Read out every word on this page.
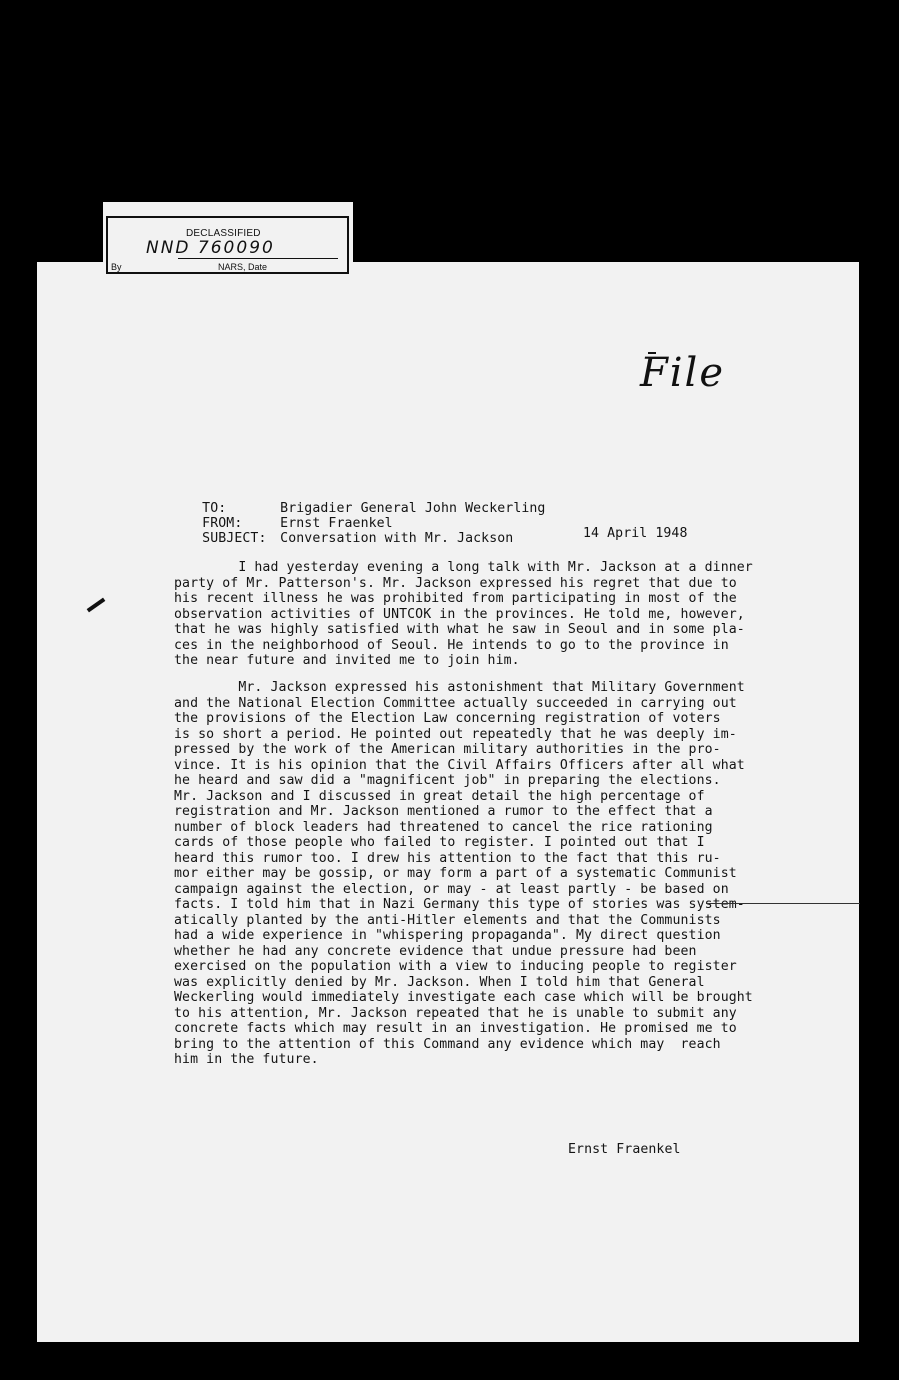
DECLASSIFIED
NND 760090
By	NARS, Date
File

TO:	Brigadier General John Weckerling

FROM:	Ernst Fraenkel

SUBJECT: Conversation with Mr. Jackson
	14 April 1948
I had yesterday evening a long talk with Mr. Jackson at a dinner
party of Mr. Patterson's. Mr. Jackson expressed his regret that due to
his recent illness he was prohibited from participating in most of the
observation activities of UNTCOK in the provinces. He told me, however,
that he was highly satisfied with what he saw in Seoul and in some pla-
ces in the neighborhood of Seoul. He intends to go to the province in
the near future and invited me to join him.
Mr. Jackson expressed his astonishment that Military Government
and the National Election Committee actually succeeded in carrying out
the provisions of the Election Law concerning registration of voters
is so short a period. He pointed out repeatedly that he was deeply im-
pressed by the work of the American military authorities in the pro-
vince. It is his opinion that the Civil Affairs Officers after all what
he heard and saw did a "magnificent job" in preparing the elections.
Mr. Jackson and I discussed in great detail the high percentage of
registration and Mr. Jackson mentioned a rumor to the effect that a
number of block leaders had threatened to cancel the rice rationing
cards of those people who failed to register. I pointed out that I
heard this rumor too. I drew his attention to the fact that this ru-
mor either may be gossip, or may form a part of a systematic Communist
campaign against the election, or may - at least partly - be based on
facts. I told him that in Nazi Germany this type of stories was system-
atically planted by the anti-Hitler elements and that the Communists
had a wide experience in "whispering propaganda". My direct question
whether he had any concrete evidence that undue pressure had been
exercised on the population with a view to inducing people to register
was explicitly denied by Mr. Jackson. When I told him that General
Weckerling would immediately investigate each case which will be brought
to his attention, Mr. Jackson repeated that he is unable to submit any
concrete facts which may result in an investigation. He promised me to
bring to the attention of this Command any evidence which may  reach
him in the future.
Ernst Fraenkel
